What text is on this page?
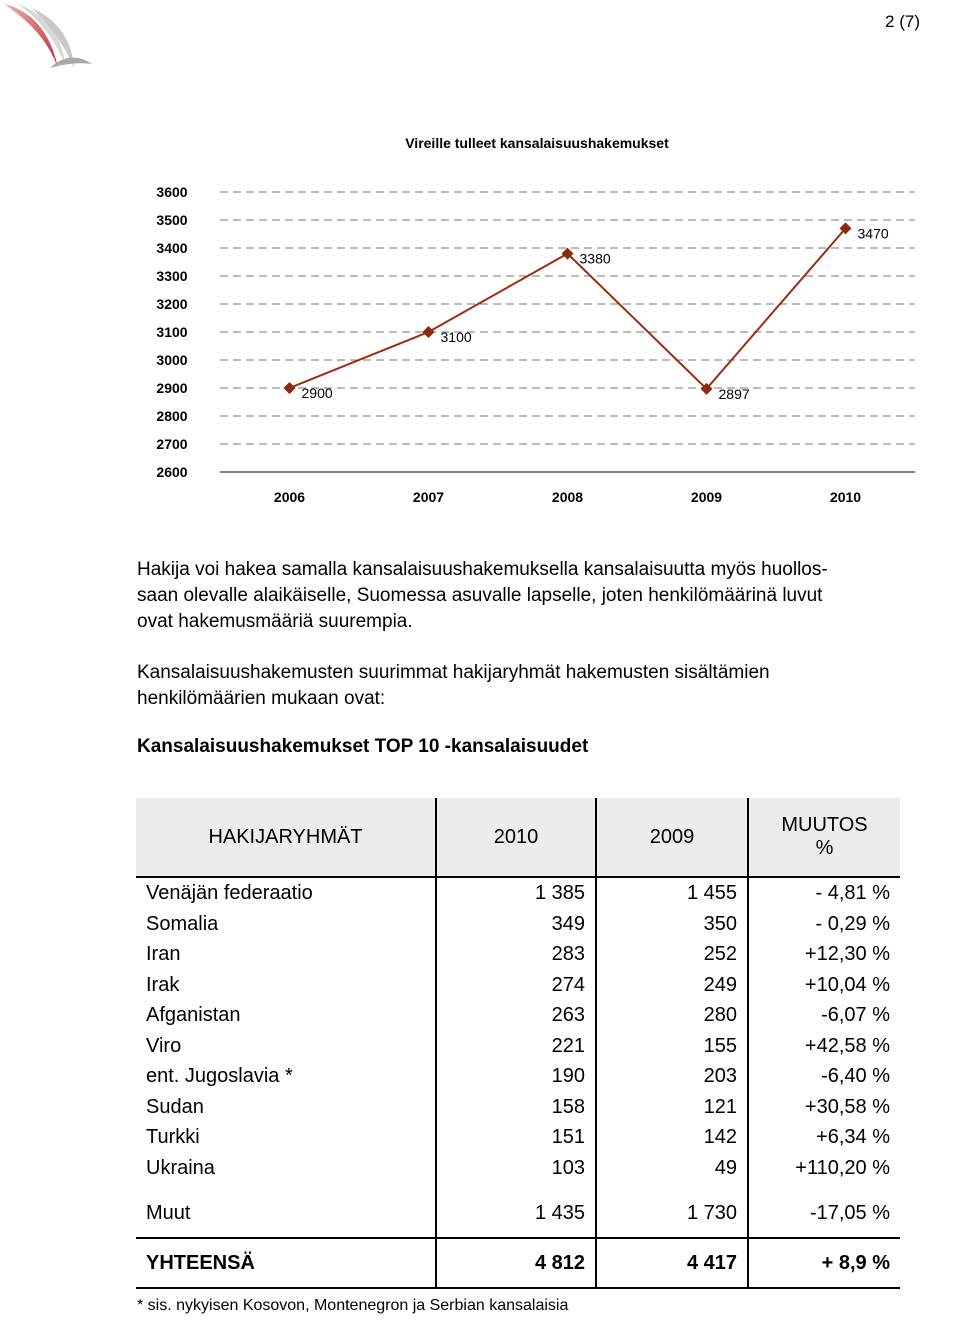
2 (7)
Vireille tulleet kansalaisuushakemukset
3600
3500
3400
3300
3200
3100
3000
2900
2800
2700
2600
2006	2007	2008	2009	2010
2900
3100
3380
2897
3470

Hakija voi hakea samalla kansalaisuushakemuksella kansalaisuutta myös huollos-
saan olevalle alaikäiselle, Suomessa asuvalle lapselle, joten henkilömäärinä luvut
ovat hakemusmääriä suurempia.

Kansalaisuushakemusten suurimmat hakijaryhmät hakemusten sisältämien
henkilömäärien mukaan ovat:

Kansalaisuushakemukset TOP 10 -kansalaisuudet
HAKIJARYHMÄT	2010	2009	MUUTOS
%
Venäjän federaatio	1 385	1 455	- 4,81 %
Somalia	349	350	- 0,29 %
Iran	283	252	+12,30 %
Irak	274	249	+10,04 %
Afganistan	263	280	-6,07 %
Viro	221	155	+42,58 %
ent. Jugoslavia *	190	203	-6,40 %
Sudan	158	121	+30,58 %
Turkki	151	142	+6,34 %
Ukraina	103	49	+110,20 %
Muut	1 435	1 730	-17,05 %
YHTEENSÄ	4 812	4 417	+ 8,9 %
* sis. nykyisen Kosovon, Montenegron ja Serbian kansalaisia
